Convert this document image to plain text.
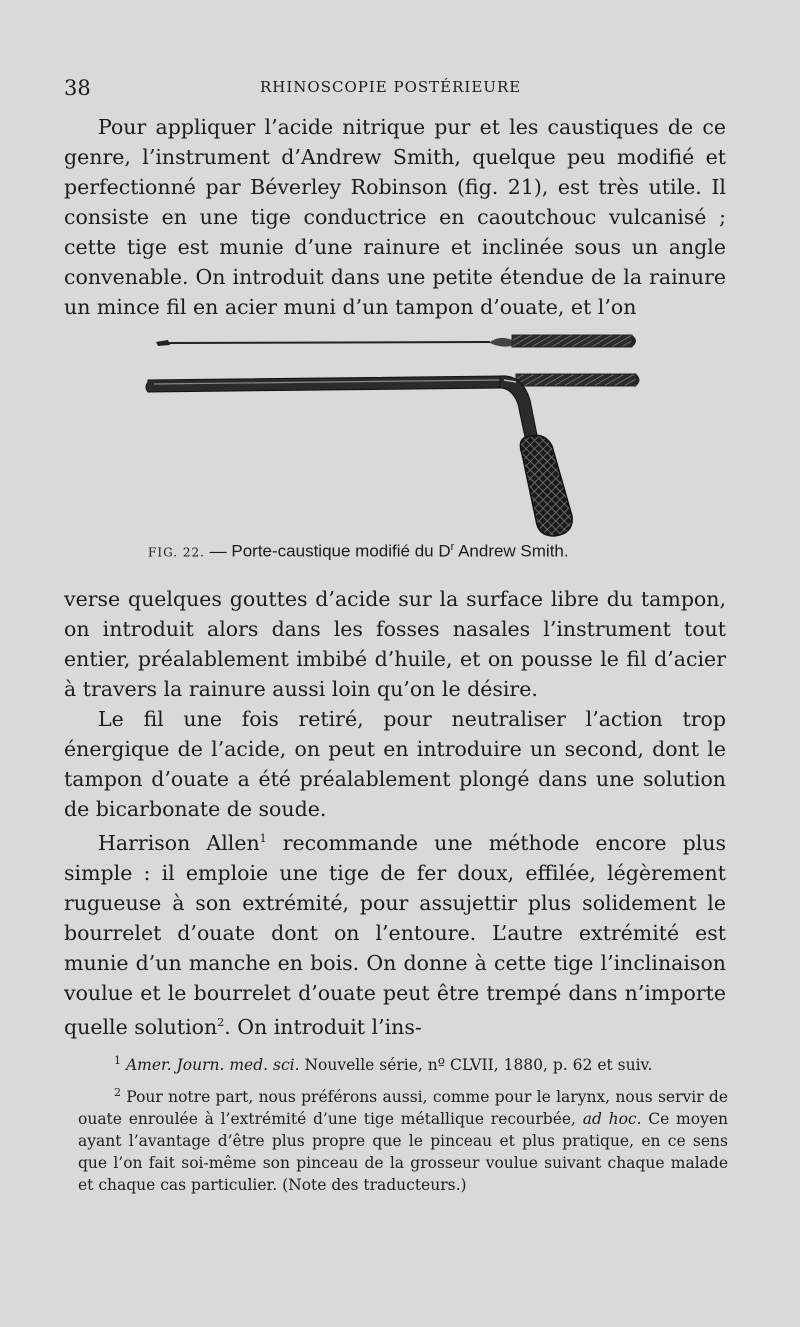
38	RHINOSCOPIE POSTÉRIEURE

Pour appliquer l’acide nitrique pur et les caustiques de ce genre, l’instrument d’Andrew Smith, quelque peu modifié et perfectionné par Béverley Robinson (fig. 21), est très utile. Il consiste en une tige conductrice en caoutchouc vulcanisé ; cette tige est munie d’une rainure et inclinée sous un angle convenable. On introduit dans une petite étendue de la rainure un mince fil en acier muni d’un tampon d’ouate, et l’on

FIG. 22. — Porte-caustique modifié du $D^r$ Andrew Smith.

verse quelques gouttes d’acide sur la surface libre du tampon, on introduit alors dans les fosses nasales l’instrument tout entier, préalablement imbibé d’huile, et on pousse le fil d’acier à travers la rainure aussi loin qu’on le désire.

Le fil une fois retiré, pour neutraliser l’action trop énergique de l’acide, on peut en introduire un second, dont le tampon d’ouate a été préalablement plongé dans une solution de bicarbonate de soude.

Harrison Allen$^1$ recommande une méthode encore plus simple : il emploie une tige de fer doux, effilée, légèrement rugueuse à son extrémité, pour assujettir plus solidement le bourrelet d’ouate dont on l’entoure. L’autre extrémité est munie d’un manche en bois. On donne à cette tige l’inclinaison voulue et le bourrelet d’ouate peut être trempé dans n’importe quelle solution$^2$. On introduit l’ins-

$^1$ Amer. Journ. med. sci. Nouvelle série, nº CLVII, 1880, p. 62 et suiv.

$^2$ Pour notre part, nous préférons aussi, comme pour le larynx, nous servir de ouate enroulée à l’extrémité d’une tige métallique recourbée, ad hoc. Ce moyen ayant l’avantage d’être plus propre que le pinceau et plus pratique, en ce sens que l’on fait soi-même son pinceau de la grosseur voulue suivant chaque malade et chaque cas particulier. (Note des traducteurs.)
